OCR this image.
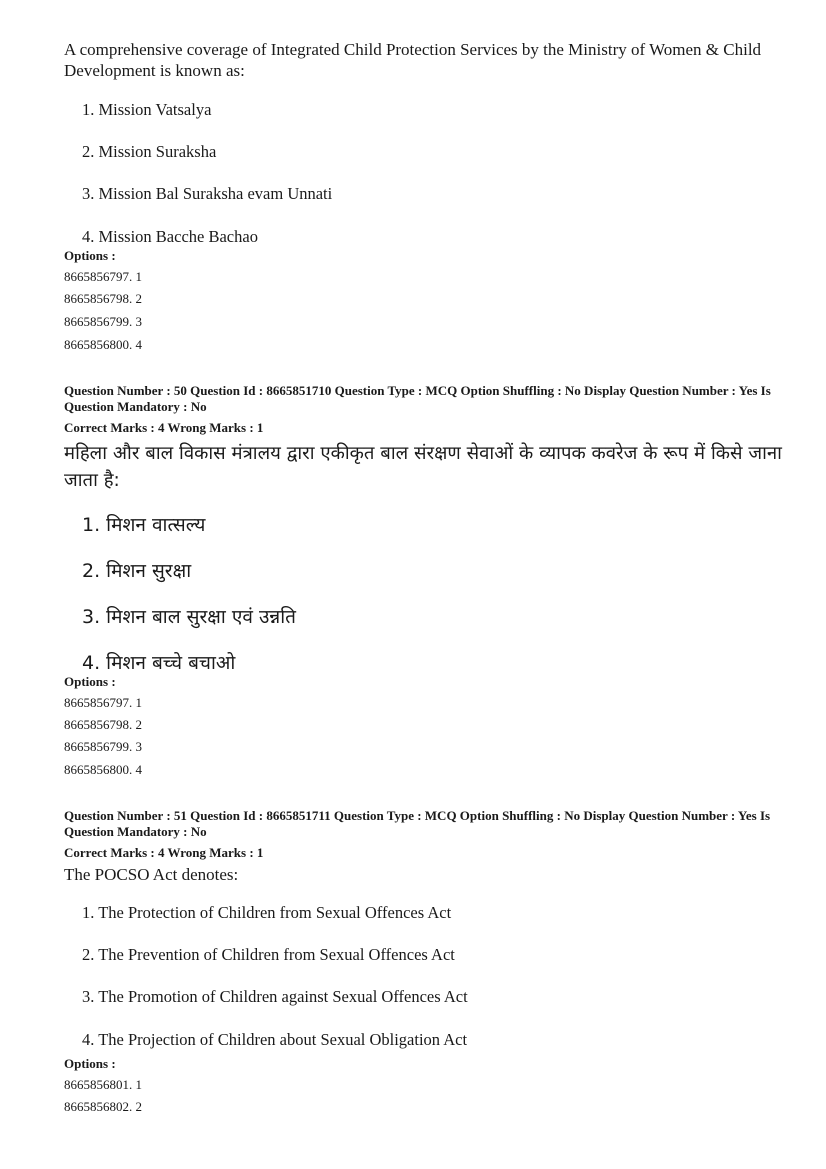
A comprehensive coverage of Integrated Child Protection Services by the Ministry of Women & Child Development is known as:
1. Mission Vatsalya
2. Mission Suraksha
3. Mission Bal Suraksha evam Unnati
4. Mission Bacche Bachao
Options :
8665856797. 1
8665856798. 2
8665856799. 3
8665856800. 4
Question Number : 50 Question Id : 8665851710 Question Type : MCQ Option Shuffling : No Display Question Number : Yes Is Question Mandatory : No
Correct Marks : 4 Wrong Marks : 1
महिला और बाल विकास मंत्रालय द्वारा एकीकृत बाल संरक्षण सेवाओं के व्यापक कवरेज के रूप में किसे जाना जाता है:
1. मिशन वात्सल्य
2. मिशन सुरक्षा
3. मिशन बाल सुरक्षा एवं उन्नति
4. मिशन बच्चे बचाओ
Options :
8665856797. 1
8665856798. 2
8665856799. 3
8665856800. 4
Question Number : 51 Question Id : 8665851711 Question Type : MCQ Option Shuffling : No Display Question Number : Yes Is Question Mandatory : No
Correct Marks : 4 Wrong Marks : 1
The POCSO Act denotes:
1. The Protection of Children from Sexual Offences Act
2. The Prevention of Children from Sexual Offences Act
3. The Promotion of Children against Sexual Offences Act
4. The Projection of Children about Sexual Obligation Act
Options :
8665856801. 1
8665856802. 2
